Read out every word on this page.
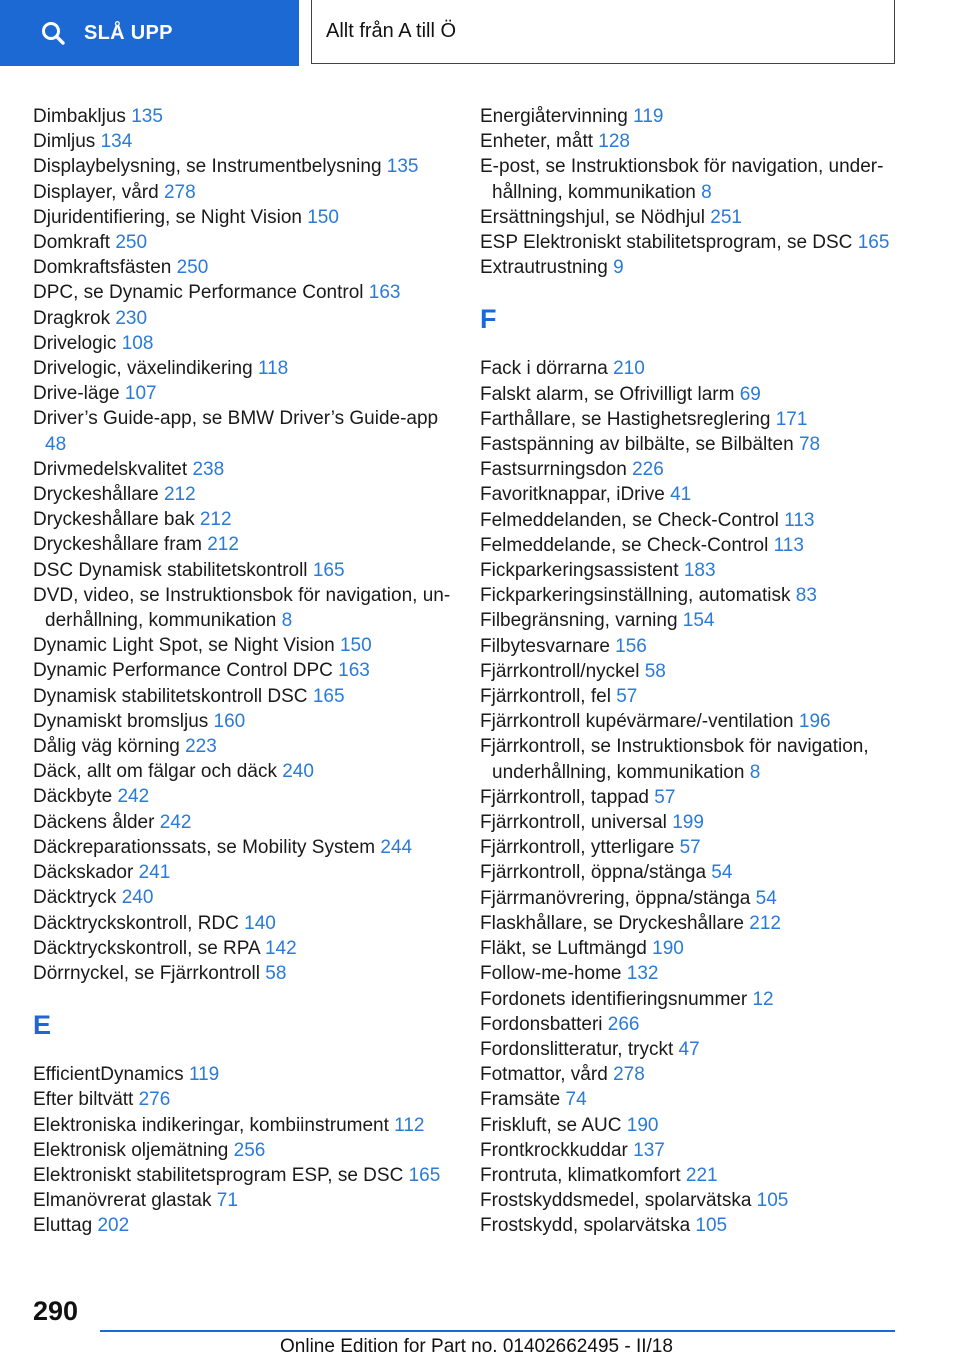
SLÅ UPP	Allt från A till Ö
Dimbakljus 135
Dimljus 134
Displaybelysning, se Instrumentbelysning 135
Displayer, vård 278
Djuridentifiering, se Night Vision 150
Domkraft 250
Domkraftsfästen 250
DPC, se Dynamic Performance Control 163
Dragkrok 230
Drivelogic 108
Drivelogic, växelindikering 118
Drive-läge 107
Driver’s Guide-app, se BMW Driver’s Guide-app 48
Drivmedelskvalitet 238
Dryckeshållare 212
Dryckeshållare bak 212
Dryckeshållare fram 212
DSC Dynamisk stabilitetskontroll 165
DVD, video, se Instruktionsbok för navigation, un‐derhållning, kommunikation 8
Dynamic Light Spot, se Night Vision 150
Dynamic Performance Control DPC 163
Dynamisk stabilitetskontroll DSC 165
Dynamiskt bromsljus 160
Dålig väg körning 223
Däck, allt om fälgar och däck 240
Däckbyte 242
Däckens ålder 242
Däckreparationssats, se Mobility System 244
Däckskador 241
Däcktryck 240
Däcktryckskontroll, RDC 140
Däcktryckskontroll, se RPA 142
Dörrnyckel, se Fjärrkontroll 58
E
EfficientDynamics 119
Efter biltvätt 276
Elektroniska indikeringar, kombiinstrument 112
Elektronisk oljemätning 256
Elektroniskt stabilitetsprogram ESP, se DSC 165
Elmanövrerat glastak 71
Eluttag 202
Energiåtervinning 119
Enheter, mått 128
E-post, se Instruktionsbok för navigation, under‐hållning, kommunikation 8
Ersättningshjul, se Nödhjul 251
ESP Elektroniskt stabilitetsprogram, se DSC 165
Extrautrustning 9
F
Fack i dörrarna 210
Falskt alarm, se Ofrivilligt larm 69
Farthållare, se Hastighetsreglering 171
Fastspänning av bilbälte, se Bilbälten 78
Fastsurrningsdon 226
Favoritknappar, iDrive 41
Felmeddelanden, se Check-Control 113
Felmeddelande, se Check-Control 113
Fickparkeringsassistent 183
Fickparkeringsinställning, automatisk 83
Filbegränsning, varning 154
Filbytesvarnare 156
Fjärrkontroll/nyckel 58
Fjärrkontroll, fel 57
Fjärrkontroll kupévärmare/-ventilation 196
Fjärrkontroll, se Instruktionsbok för navigation, underhållning, kommunikation 8
Fjärrkontroll, tappad 57
Fjärrkontroll, universal 199
Fjärrkontroll, ytterligare 57
Fjärrkontroll, öppna/stänga 54
Fjärrmanövrering, öppna/stänga 54
Flaskhållare, se Dryckeshållare 212
Fläkt, se Luftmängd 190
Follow-me-home 132
Fordonets identifieringsnummer 12
Fordonsbatteri 266
Fordonslitteratur, tryckt 47
Fotmattor, vård 278
Framsäte 74
Friskluft, se AUC 190
Frontkrockkuddar 137
Frontruta, klimatkomfort 221
Frostskyddsmedel, spolarvätska 105
Frostskydd, spolarvätska 105
290
Online Edition for Part no. 01402662495 - II/18
